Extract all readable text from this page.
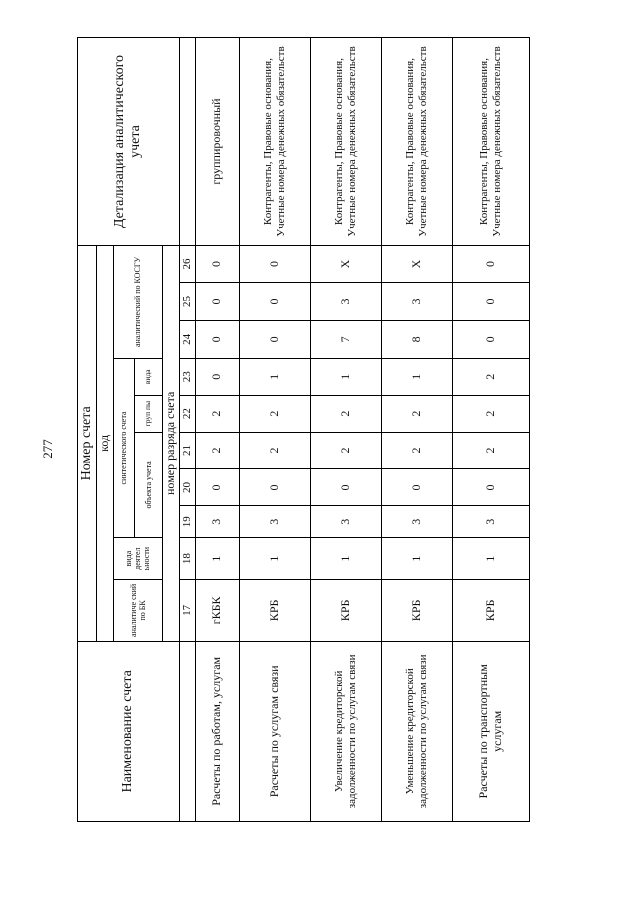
277
Наименование счета	Номер счета										Детализация аналитического учета
	код										
	аналитиче ский по БК	вида деятел ьности	синтетического счета					аналитический по КОСГУ			
			объекта учета			груп пы	вида				
	номер разряда счета										
	17	18	19	20	21	22	23	24	25	26	
Расчеты по работам, услугам	гКБК	1	3	0	2	2	0	0	0	0	группировочный
Расчеты по услугам связи	КРБ	1	3	0	2	2	1	0	0	0	Контрагенты, Правовые основания, Учетные номера денежных обязательств
Увеличение кредиторской задолженности по услугам связи	КРБ	1	3	0	2	2	1	7	3	X	Контрагенты, Правовые основания, Учетные номера денежных обязательств
Уменьшение кредиторской задолженности по услугам связи	КРБ	1	3	0	2	2	1	8	3	X	Контрагенты, Правовые основания, Учетные номера денежных обязательств
Расчеты по транспортным услугам	КРБ	1	3	0	2	2	2	0	0	0	Контрагенты, Правовые основания, Учетные номера денежных обязательств
